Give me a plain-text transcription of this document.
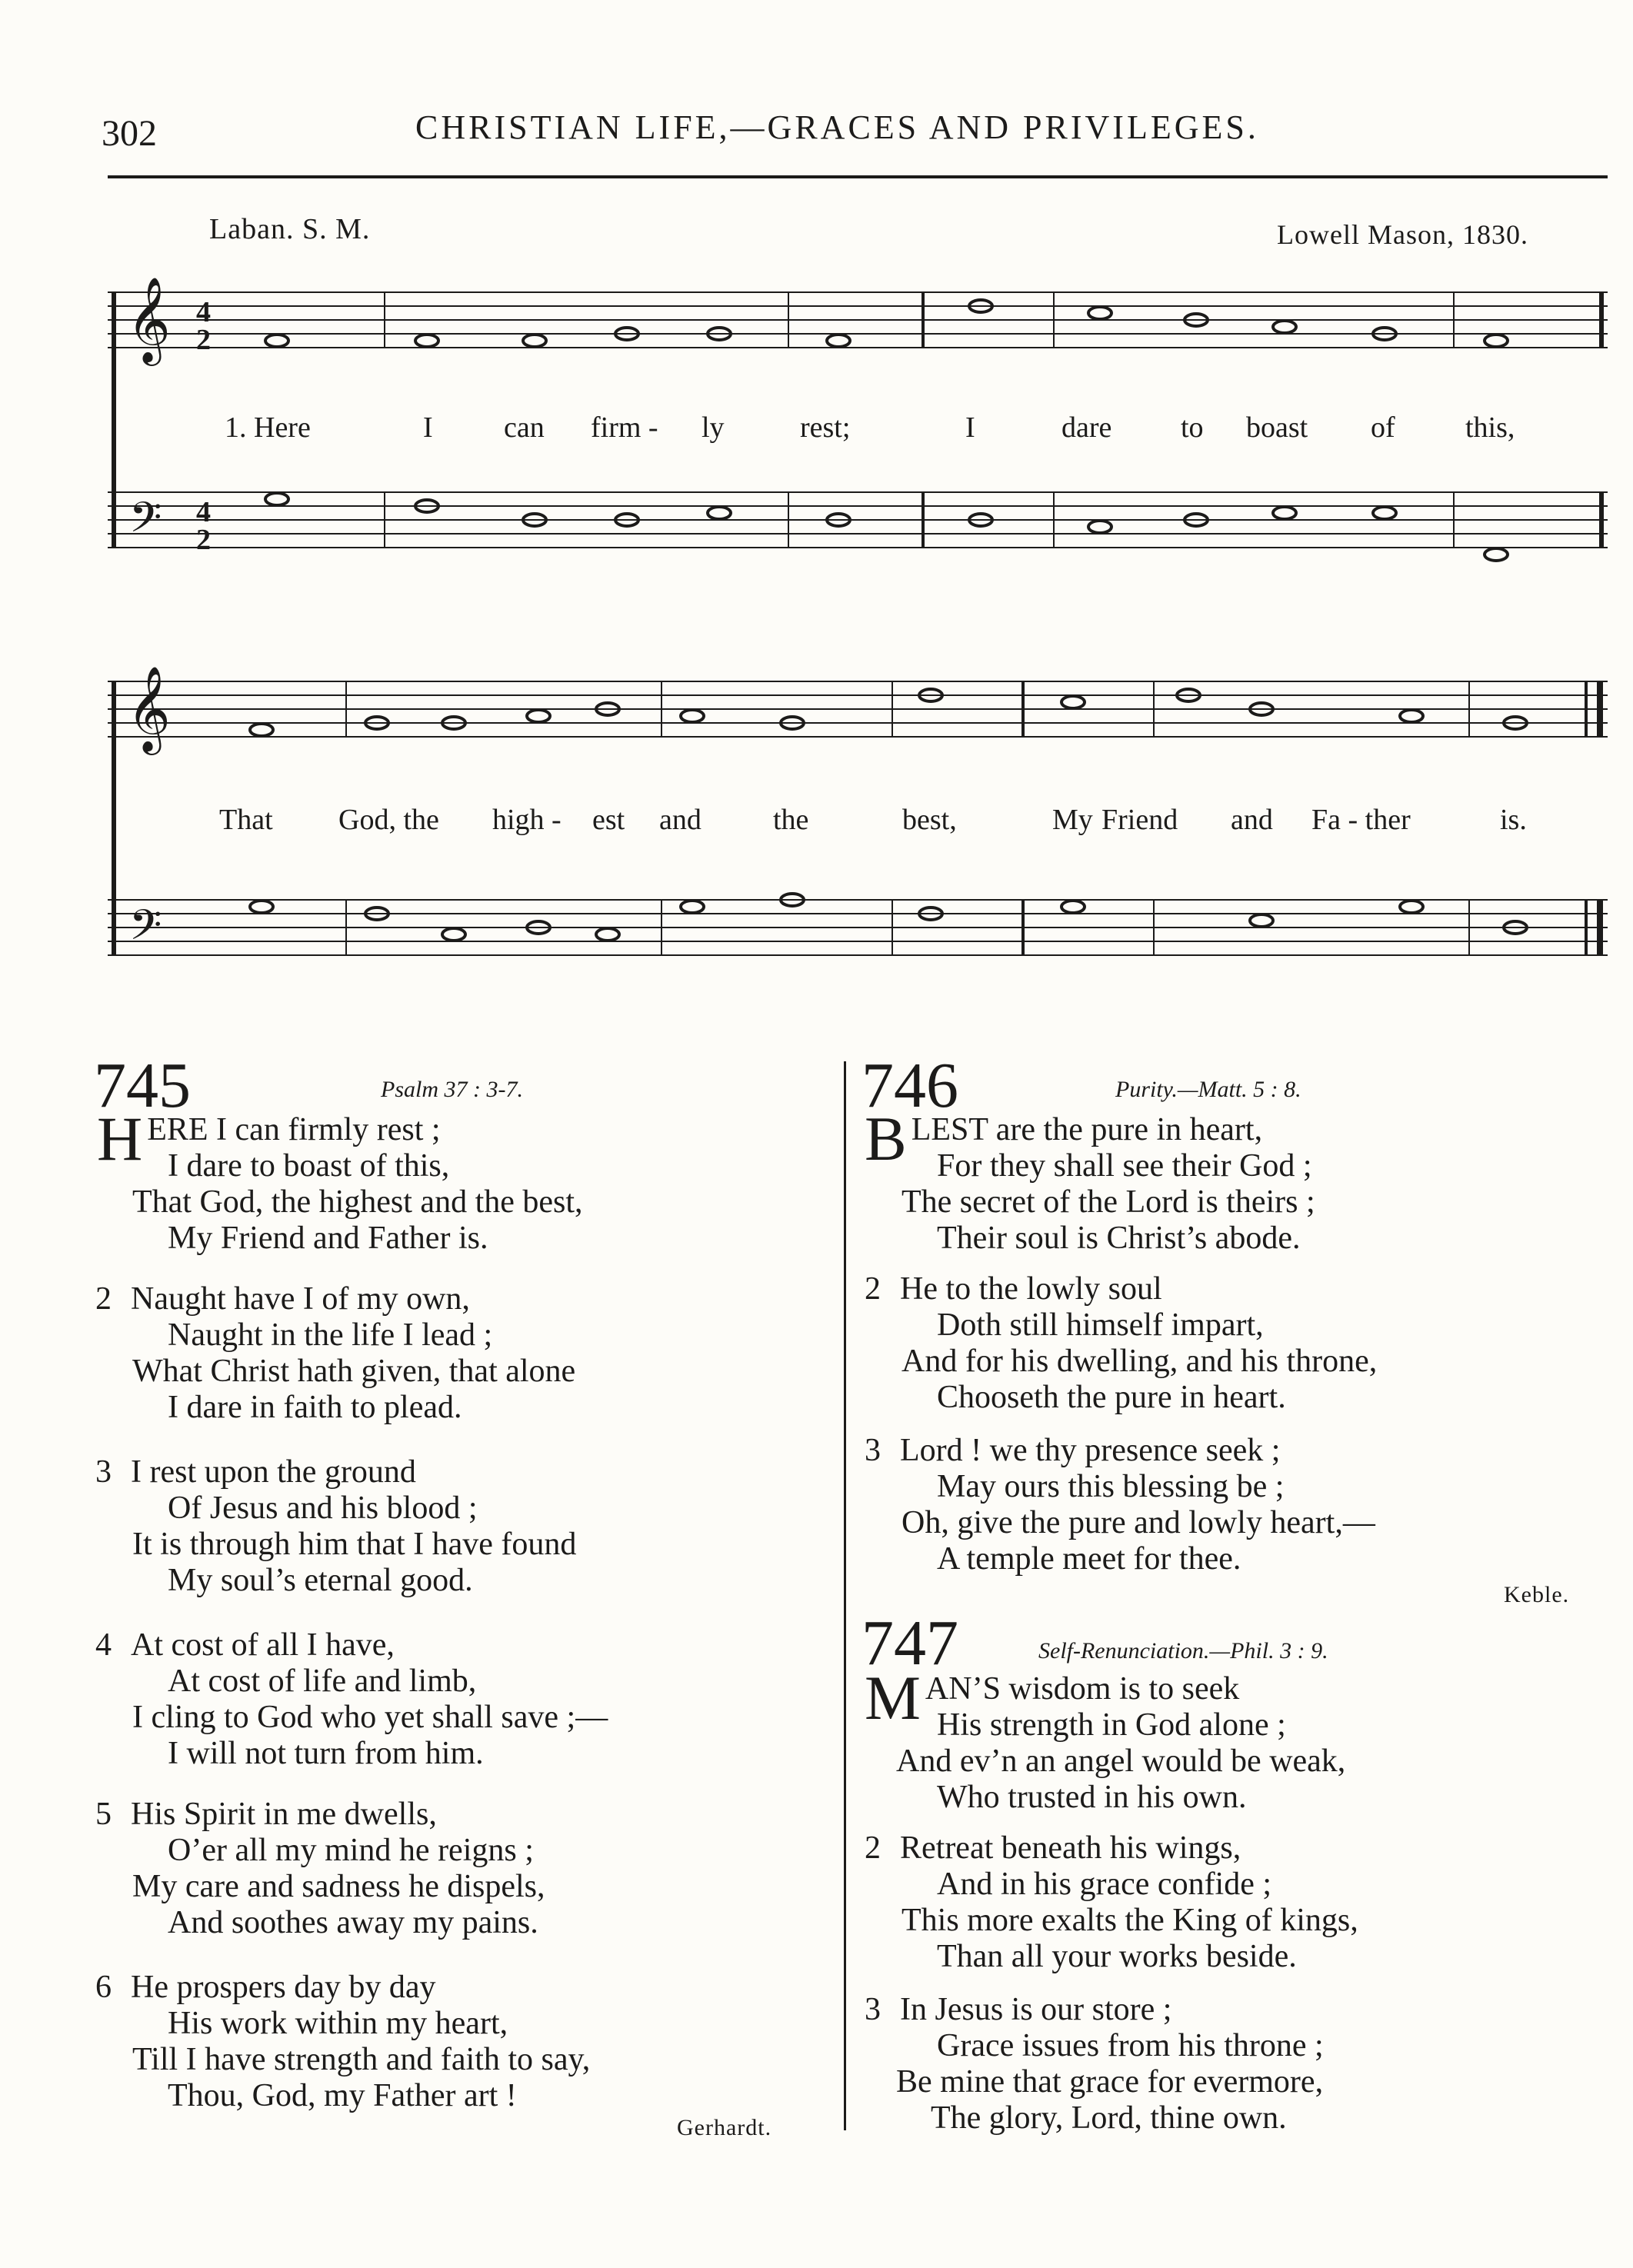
302	CHRISTIAN LIFE,—GRACES AND PRIVILEGES.
Laban. S. M.	Lowell Mason, 1830.
𝄞
𝄢
4
2
4
2
1. Here	I can firm - ly	rest;	I	dare to boast of this,
𝄞
𝄢
That God, the high - est and the	best,	My Friend and Fa - ther	is.
745	Psalm 37 : 3-7.
HERE I can firmly rest ;
I dare to boast of this,
That God, the highest and the best,
My Friend and Father is.
2 Naught have I of my own,
Naught in the life I lead ;
What Christ hath given, that alone
I dare in faith to plead.
3 I rest upon the ground
Of Jesus and his blood ;
It is through him that I have found
My soul’s eternal good.
4 At cost of all I have,
At cost of life and limb,
I cling to God who yet shall save ;—
I will not turn from him.
5 His Spirit in me dwells,
O’er all my mind he reigns ;
My care and sadness he dispels,
And soothes away my pains.
6 He prospers day by day
His work within my heart,
Till I have strength and faith to say,
Thou, God, my Father art !
Gerhardt.
746	Purity.—Matt. 5 : 8.
BLEST are the pure in heart,
For they shall see their God ;
The secret of the Lord is theirs ;
Their soul is Christ’s abode.
2 He to the lowly soul
Doth still himself impart,
And for his dwelling, and his throne,
Chooseth the pure in heart.
3 Lord ! we thy presence seek ;
May ours this blessing be ;
Oh, give the pure and lowly heart,—
A temple meet for thee.
Keble.
747	Self-Renunciation.—Phil. 3 : 9.
MAN’S wisdom is to seek
His strength in God alone ;
And ev’n an angel would be weak,
Who trusted in his own.
2 Retreat beneath his wings,
And in his grace confide ;
This more exalts the King of kings,
Than all your works beside.
3 In Jesus is our store ;
Grace issues from his throne ;
Be mine that grace for evermore,
The glory, Lord, thine own.
